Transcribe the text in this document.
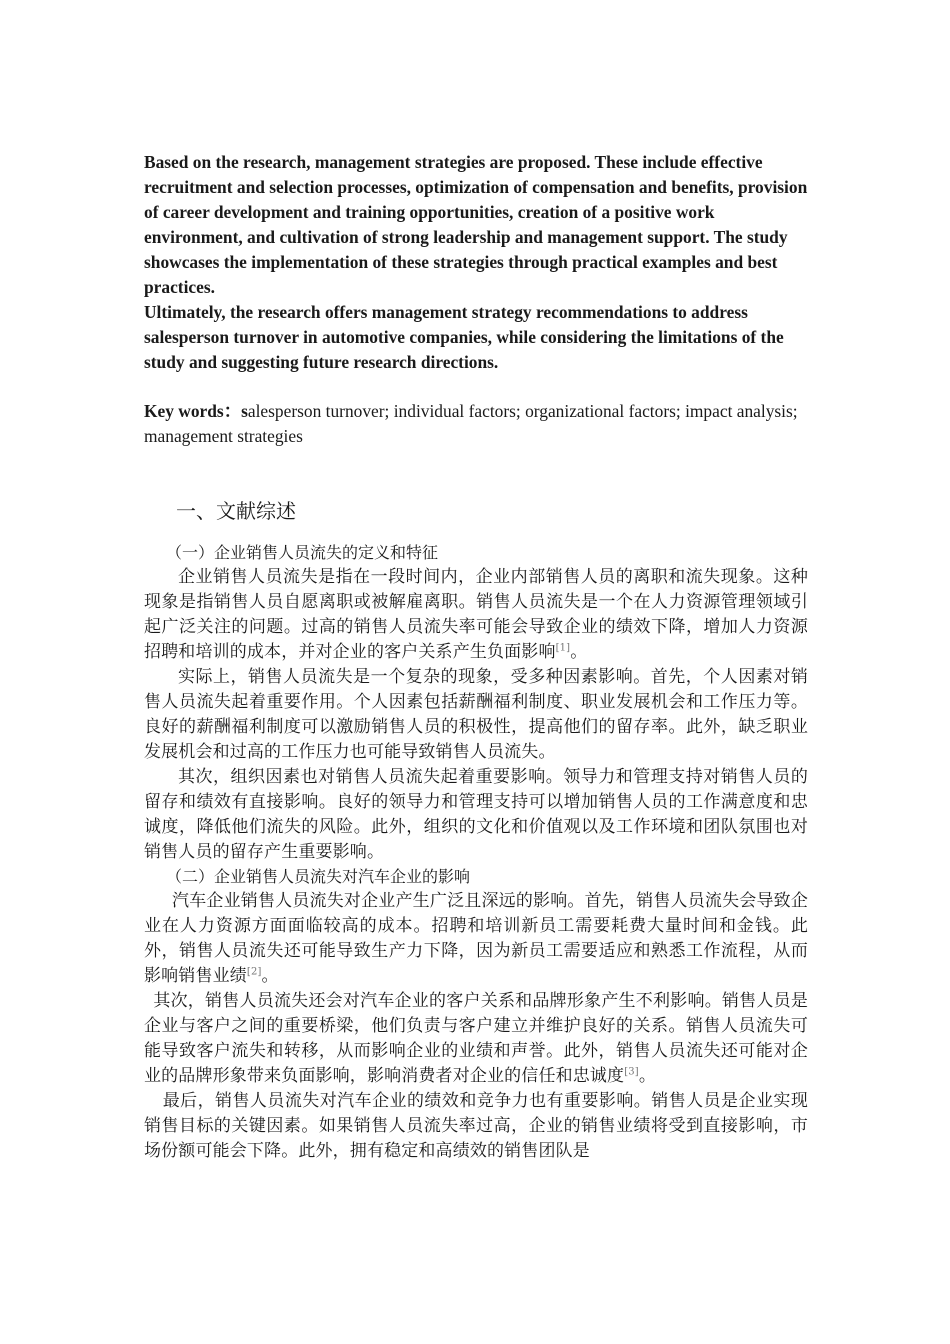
Based on the research, management strategies are proposed. These include effective recruitment and selection processes, optimization of compensation and benefits, provision of career development and training opportunities, creation of a positive work environment, and cultivation of strong leadership and management support. The study showcases the implementation of these strategies through practical examples and best practices.

Ultimately, the research offers management strategy recommendations to address salesperson turnover in automotive companies, while considering the limitations of the study and suggesting future research directions.

Key words：salesperson turnover; individual factors; organizational factors; impact analysis; management strategies

一、文献综述
（一）企业销售人员流失的定义和特征

企业销售人员流失是指在一段时间内，企业内部销售人员的离职和流失现象。这种现象是指销售人员自愿离职或被解雇离职。销售人员流失是一个在人力资源管理领域引起广泛关注的问题。过高的销售人员流失率可能会导致企业的绩效下降，增加人力资源招聘和培训的成本，并对企业的客户关系产生负面影响[1]。

实际上，销售人员流失是一个复杂的现象，受多种因素影响。首先，个人因素对销售人员流失起着重要作用。个人因素包括薪酬福利制度、职业发展机会和工作压力等。良好的薪酬福利制度可以激励销售人员的积极性，提高他们的留存率。此外，缺乏职业发展机会和过高的工作压力也可能导致销售人员流失。

其次，组织因素也对销售人员流失起着重要影响。领导力和管理支持对销售人员的留存和绩效有直接影响。良好的领导力和管理支持可以增加销售人员的工作满意度和忠诚度，降低他们流失的风险。此外，组织的文化和价值观以及工作环境和团队氛围也对销售人员的留存产生重要影响。

（二）企业销售人员流失对汽车企业的影响

汽车企业销售人员流失对企业产生广泛且深远的影响。首先，销售人员流失会导致企业在人力资源方面面临较高的成本。招聘和培训新员工需要耗费大量时间和金钱。此外，销售人员流失还可能导致生产力下降，因为新员工需要适应和熟悉工作流程，从而影响销售业绩[2]。

其次，销售人员流失还会对汽车企业的客户关系和品牌形象产生不利影响。销售人员是企业与客户之间的重要桥梁，他们负责与客户建立并维护良好的关系。销售人员流失可能导致客户流失和转移，从而影响企业的业绩和声誉。此外，销售人员流失还可能对企业的品牌形象带来负面影响，影响消费者对企业的信任和忠诚度[3]。

最后，销售人员流失对汽车企业的绩效和竞争力也有重要影响。销售人员是企业实现销售目标的关键因素。如果销售人员流失率过高，企业的销售业绩将受到直接影响，市场份额可能会下降。此外，拥有稳定和高绩效的销售团队是
